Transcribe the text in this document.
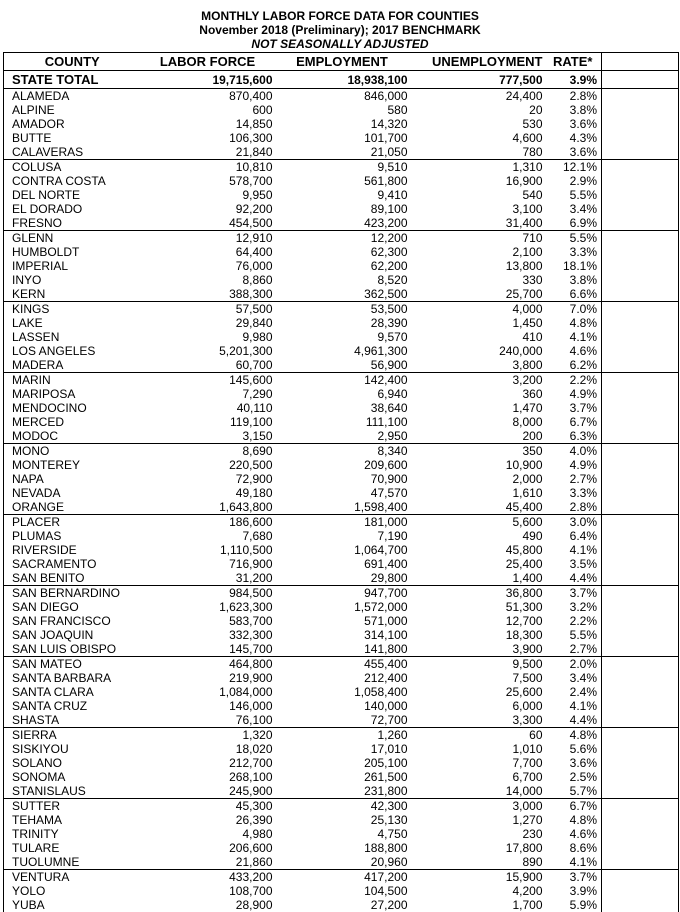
MONTHLY LABOR FORCE DATA FOR COUNTIES
November 2018 (Preliminary); 2017 BENCHMARK
NOT SEASONALLY ADJUSTED
COUNTY	LABOR FORCE	EMPLOYMENT	UNEMPLOYMENT	RATE*	
STATE TOTAL	19,715,600	18,938,100	777,500	3.9%	
ALAMEDA	870,400	846,000	24,400	2.8%	
ALPINE	600	580	20	3.8%	
AMADOR	14,850	14,320	530	3.6%	
BUTTE	106,300	101,700	4,600	4.3%	
CALAVERAS	21,840	21,050	780	3.6%	
COLUSA	10,810	9,510	1,310	12.1%	
CONTRA COSTA	578,700	561,800	16,900	2.9%	
DEL NORTE	9,950	9,410	540	5.5%	
EL DORADO	92,200	89,100	3,100	3.4%	
FRESNO	454,500	423,200	31,400	6.9%	
GLENN	12,910	12,200	710	5.5%	
HUMBOLDT	64,400	62,300	2,100	3.3%	
IMPERIAL	76,000	62,200	13,800	18.1%	
INYO	8,860	8,520	330	3.8%	
KERN	388,300	362,500	25,700	6.6%	
KINGS	57,500	53,500	4,000	7.0%	
LAKE	29,840	28,390	1,450	4.8%	
LASSEN	9,980	9,570	410	4.1%	
LOS ANGELES	5,201,300	4,961,300	240,000	4.6%	
MADERA	60,700	56,900	3,800	6.2%	
MARIN	145,600	142,400	3,200	2.2%	
MARIPOSA	7,290	6,940	360	4.9%	
MENDOCINO	40,110	38,640	1,470	3.7%	
MERCED	119,100	111,100	8,000	6.7%	
MODOC	3,150	2,950	200	6.3%	
MONO	8,690	8,340	350	4.0%	
MONTEREY	220,500	209,600	10,900	4.9%	
NAPA	72,900	70,900	2,000	2.7%	
NEVADA	49,180	47,570	1,610	3.3%	
ORANGE	1,643,800	1,598,400	45,400	2.8%	
PLACER	186,600	181,000	5,600	3.0%	
PLUMAS	7,680	7,190	490	6.4%	
RIVERSIDE	1,110,500	1,064,700	45,800	4.1%	
SACRAMENTO	716,900	691,400	25,400	3.5%	
SAN BENITO	31,200	29,800	1,400	4.4%	
SAN BERNARDINO	984,500	947,700	36,800	3.7%	
SAN DIEGO	1,623,300	1,572,000	51,300	3.2%	
SAN FRANCISCO	583,700	571,000	12,700	2.2%	
SAN JOAQUIN	332,300	314,100	18,300	5.5%	
SAN LUIS OBISPO	145,700	141,800	3,900	2.7%	
SAN MATEO	464,800	455,400	9,500	2.0%	
SANTA BARBARA	219,900	212,400	7,500	3.4%	
SANTA CLARA	1,084,000	1,058,400	25,600	2.4%	
SANTA CRUZ	146,000	140,000	6,000	4.1%	
SHASTA	76,100	72,700	3,300	4.4%	
SIERRA	1,320	1,260	60	4.8%	
SISKIYOU	18,020	17,010	1,010	5.6%	
SOLANO	212,700	205,100	7,700	3.6%	
SONOMA	268,100	261,500	6,700	2.5%	
STANISLAUS	245,900	231,800	14,000	5.7%	
SUTTER	45,300	42,300	3,000	6.7%	
TEHAMA	26,390	25,130	1,270	4.8%	
TRINITY	4,980	4,750	230	4.6%	
TULARE	206,600	188,800	17,800	8.6%	
TUOLUMNE	21,860	20,960	890	4.1%	
VENTURA	433,200	417,200	15,900	3.7%	
YOLO	108,700	104,500	4,200	3.9%	
YUBA	28,900	27,200	1,700	5.9%	
